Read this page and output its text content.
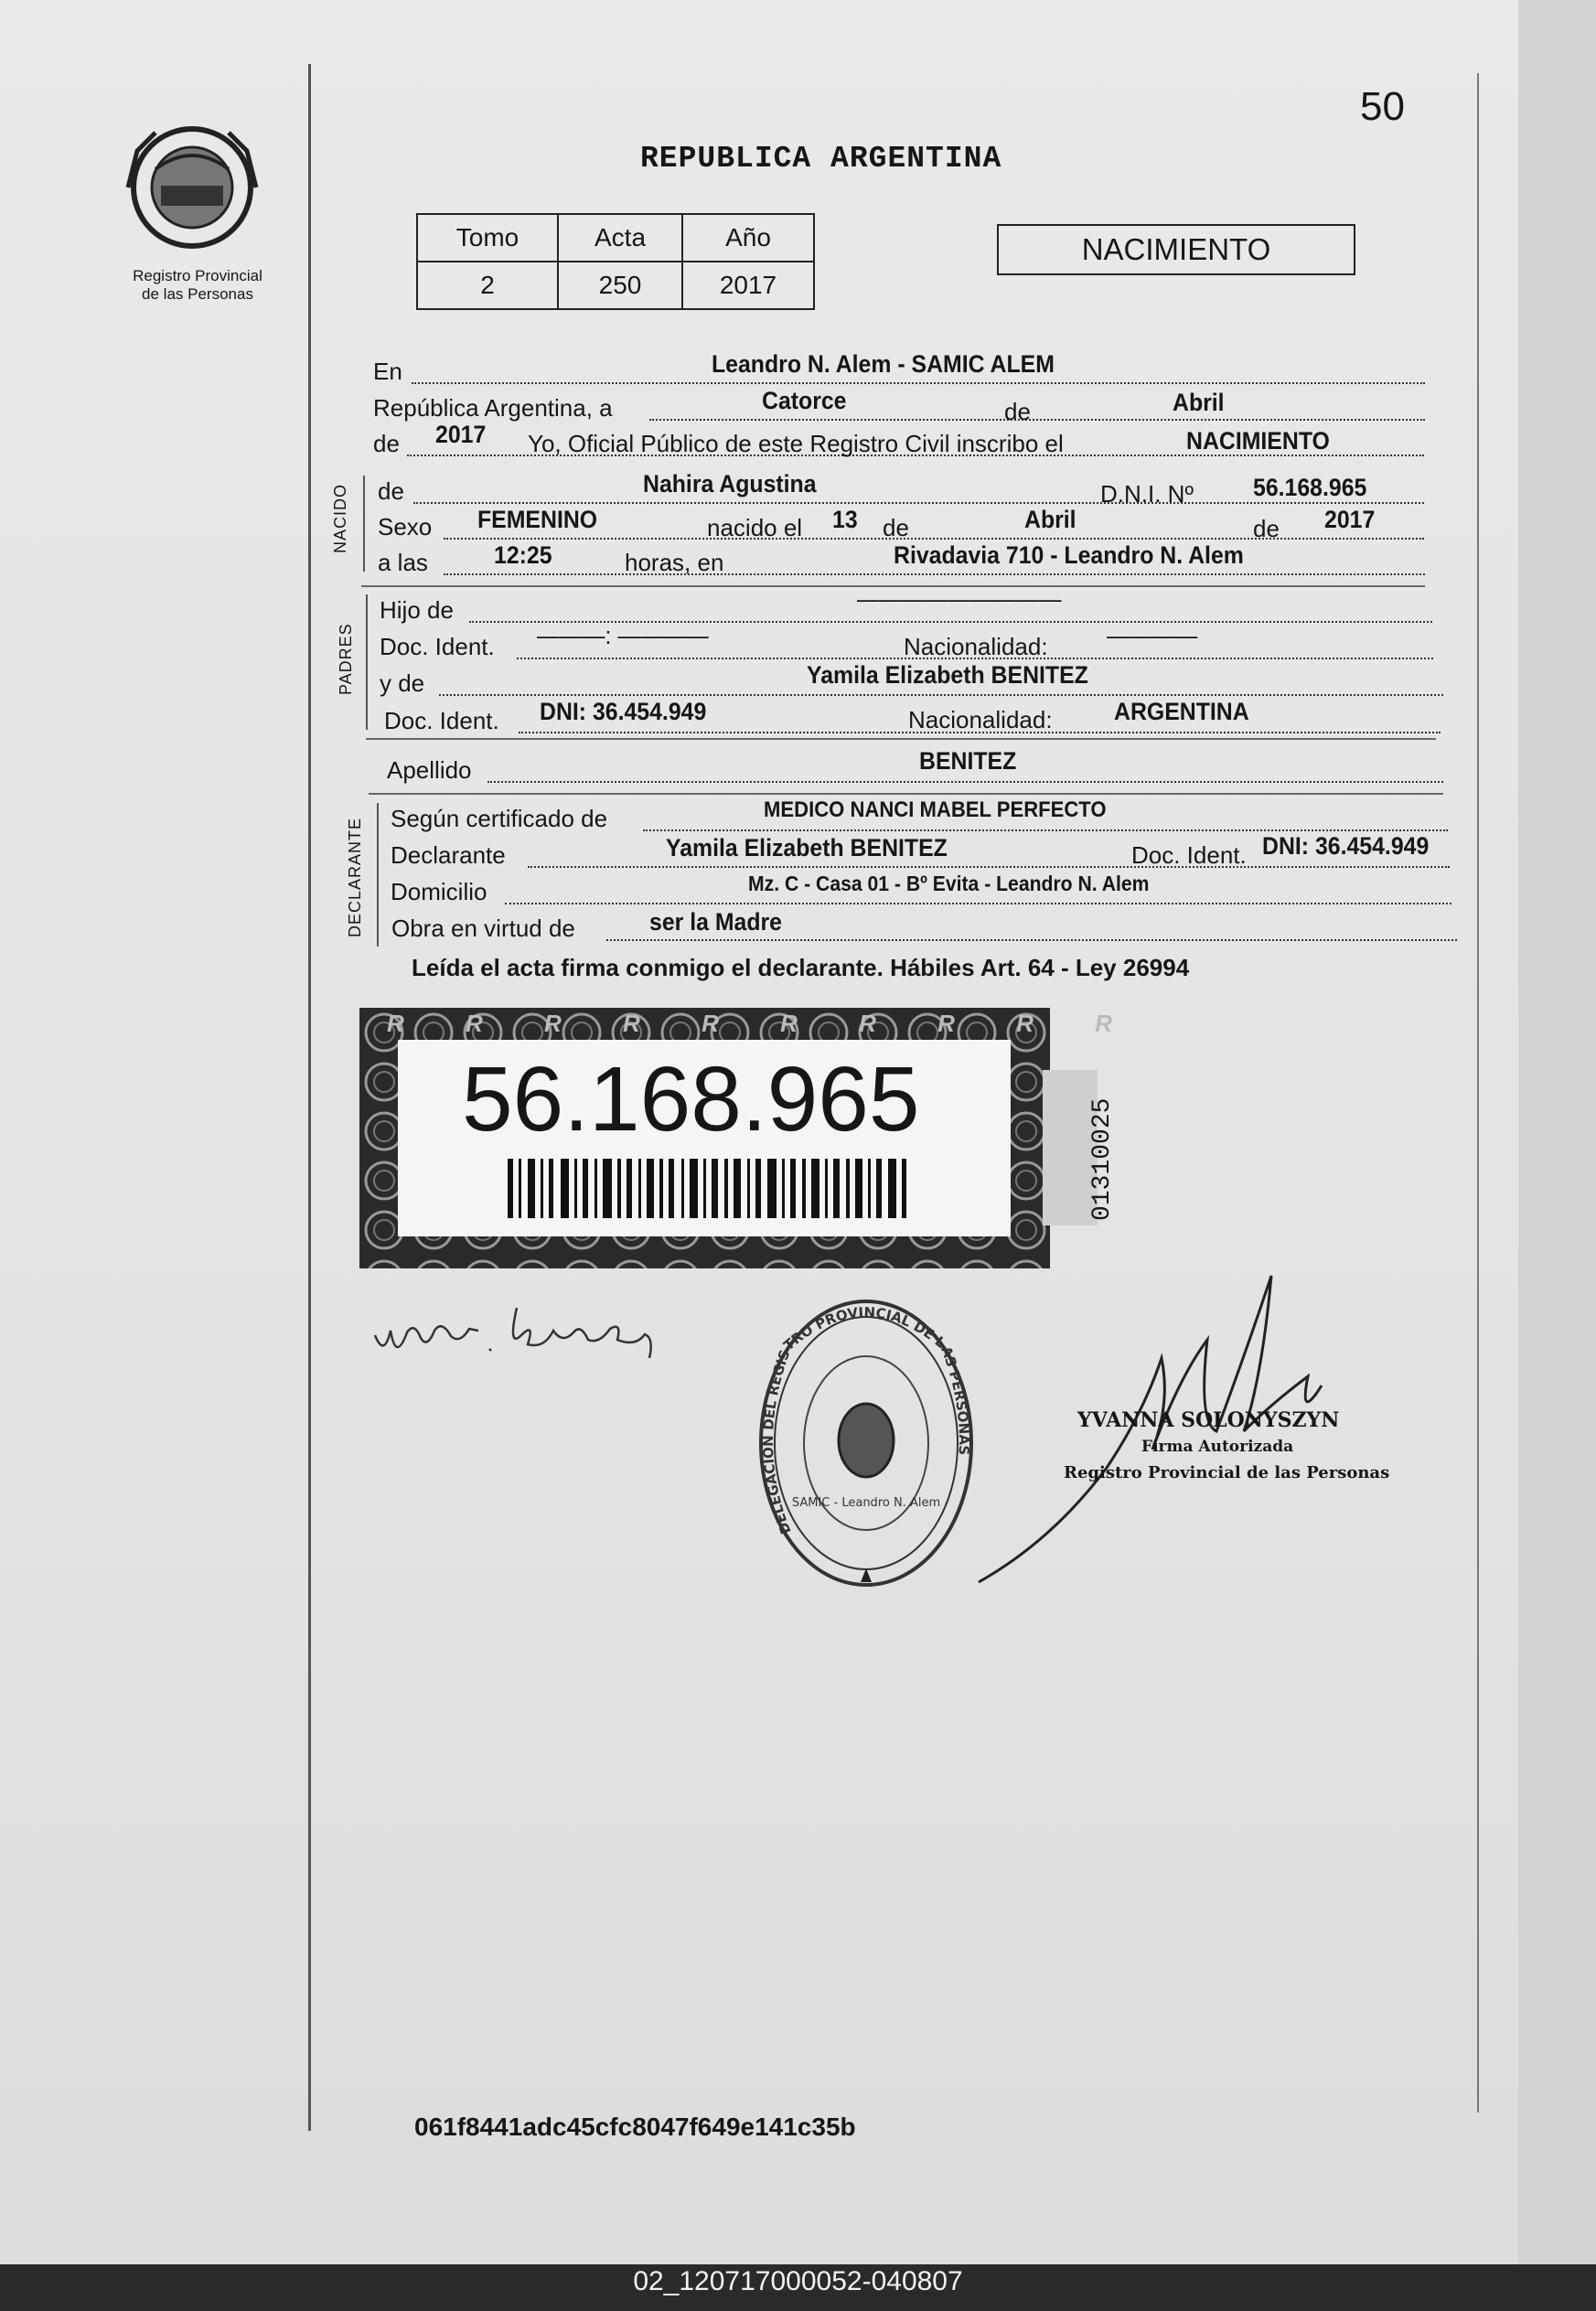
50
Registro Provincial
de las Personas
REPUBLICA ARGENTINA
Tomo	Acta	Año
2	250	2017
NACIMIENTO
En	Leandro N. Alem - SAMIC ALEM
República Argentina, a	Catorce	de	Abril
de 2017 Yo, Oficial Público de este Registro Civil inscribo el	NACIMIENTO
NACIDO de	Nahira Agustina	D.N.I. Nº 56.168.965
Sexo FEMENINO	nacido el 13 de	Abril	de 2017
a las	12:25	horas, en	Rivadavia 710 - Leandro N. Alem
PADRES
Hijo de	—————————
Doc. Ident. ———: ————	Nacionalidad: ————
y de	Yamila Elizabeth BENITEZ
Doc. Ident. DNI: 36.454.949	Nacionalidad: ARGENTINA
Apellido	BENITEZ
DECLARANTE Según certificado de	MEDICO NANCI MABEL PERFECTO
Declarante	Yamila Elizabeth BENITEZ	Doc. Ident. DNI: 36.454.949
Domicilio	Mz. C - Casa 01 - Bº Evita - Leandro N. Alem
Obra en virtud de	ser la Madre
Leída el acta firma conmigo el declarante. Hábiles Art. 64 - Ley 26994
56.168.965
R R R R R R R R R R
01310025
DELEGACION DEL REGISTRO PROVINCIAL DE LAS PERSONAS
SAMIC - Leandro N. Alem
YVANNA SOLONYSZYN
Firma Autorizada
Registro Provincial de las Personas
061f8441adc45cfc8047f649e141c35b
02_120717000052-040807
